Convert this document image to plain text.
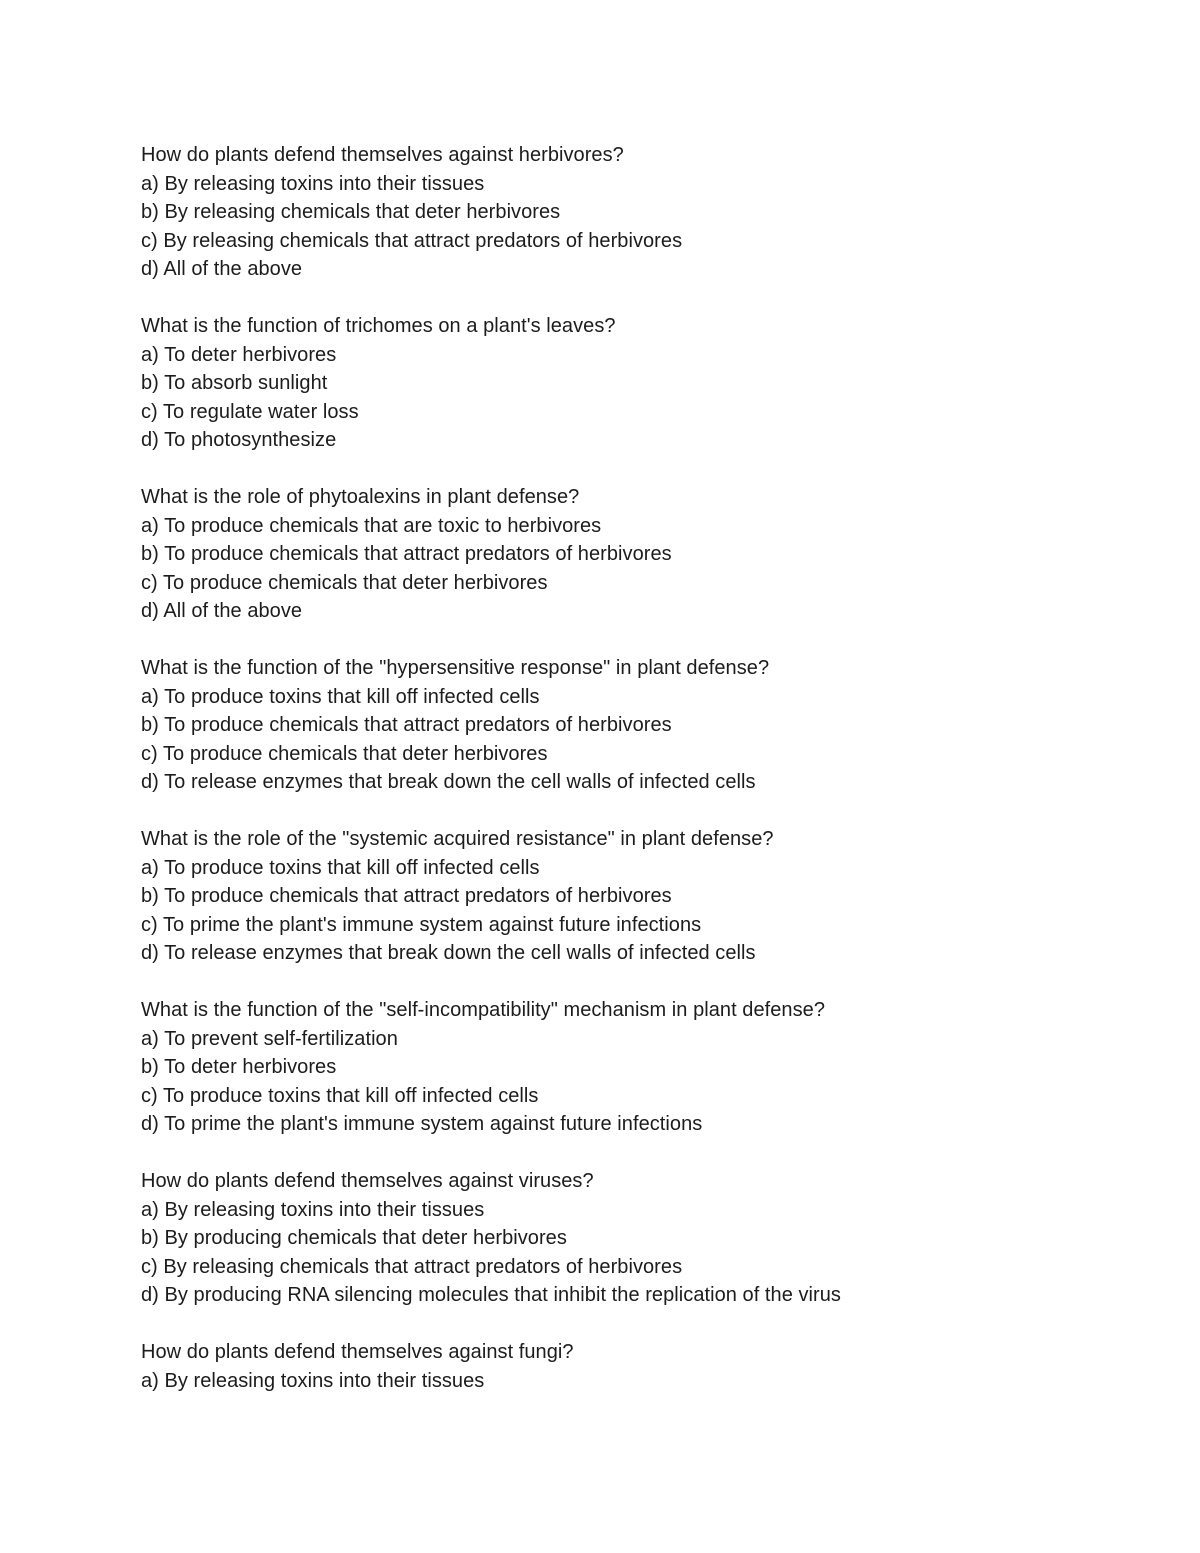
How do plants defend themselves against herbivores?
a) By releasing toxins into their tissues
b) By releasing chemicals that deter herbivores
c) By releasing chemicals that attract predators of herbivores
d) All of the above
What is the function of trichomes on a plant's leaves?
a) To deter herbivores
b) To absorb sunlight
c) To regulate water loss
d) To photosynthesize
What is the role of phytoalexins in plant defense?
a) To produce chemicals that are toxic to herbivores
b) To produce chemicals that attract predators of herbivores
c) To produce chemicals that deter herbivores
d) All of the above
What is the function of the "hypersensitive response" in plant defense?
a) To produce toxins that kill off infected cells
b) To produce chemicals that attract predators of herbivores
c) To produce chemicals that deter herbivores
d) To release enzymes that break down the cell walls of infected cells
What is the role of the "systemic acquired resistance" in plant defense?
a) To produce toxins that kill off infected cells
b) To produce chemicals that attract predators of herbivores
c) To prime the plant's immune system against future infections
d) To release enzymes that break down the cell walls of infected cells
What is the function of the "self-incompatibility" mechanism in plant defense?
a) To prevent self-fertilization
b) To deter herbivores
c) To produce toxins that kill off infected cells
d) To prime the plant's immune system against future infections
How do plants defend themselves against viruses?
a) By releasing toxins into their tissues
b) By producing chemicals that deter herbivores
c) By releasing chemicals that attract predators of herbivores
d) By producing RNA silencing molecules that inhibit the replication of the virus
How do plants defend themselves against fungi?
a) By releasing toxins into their tissues
